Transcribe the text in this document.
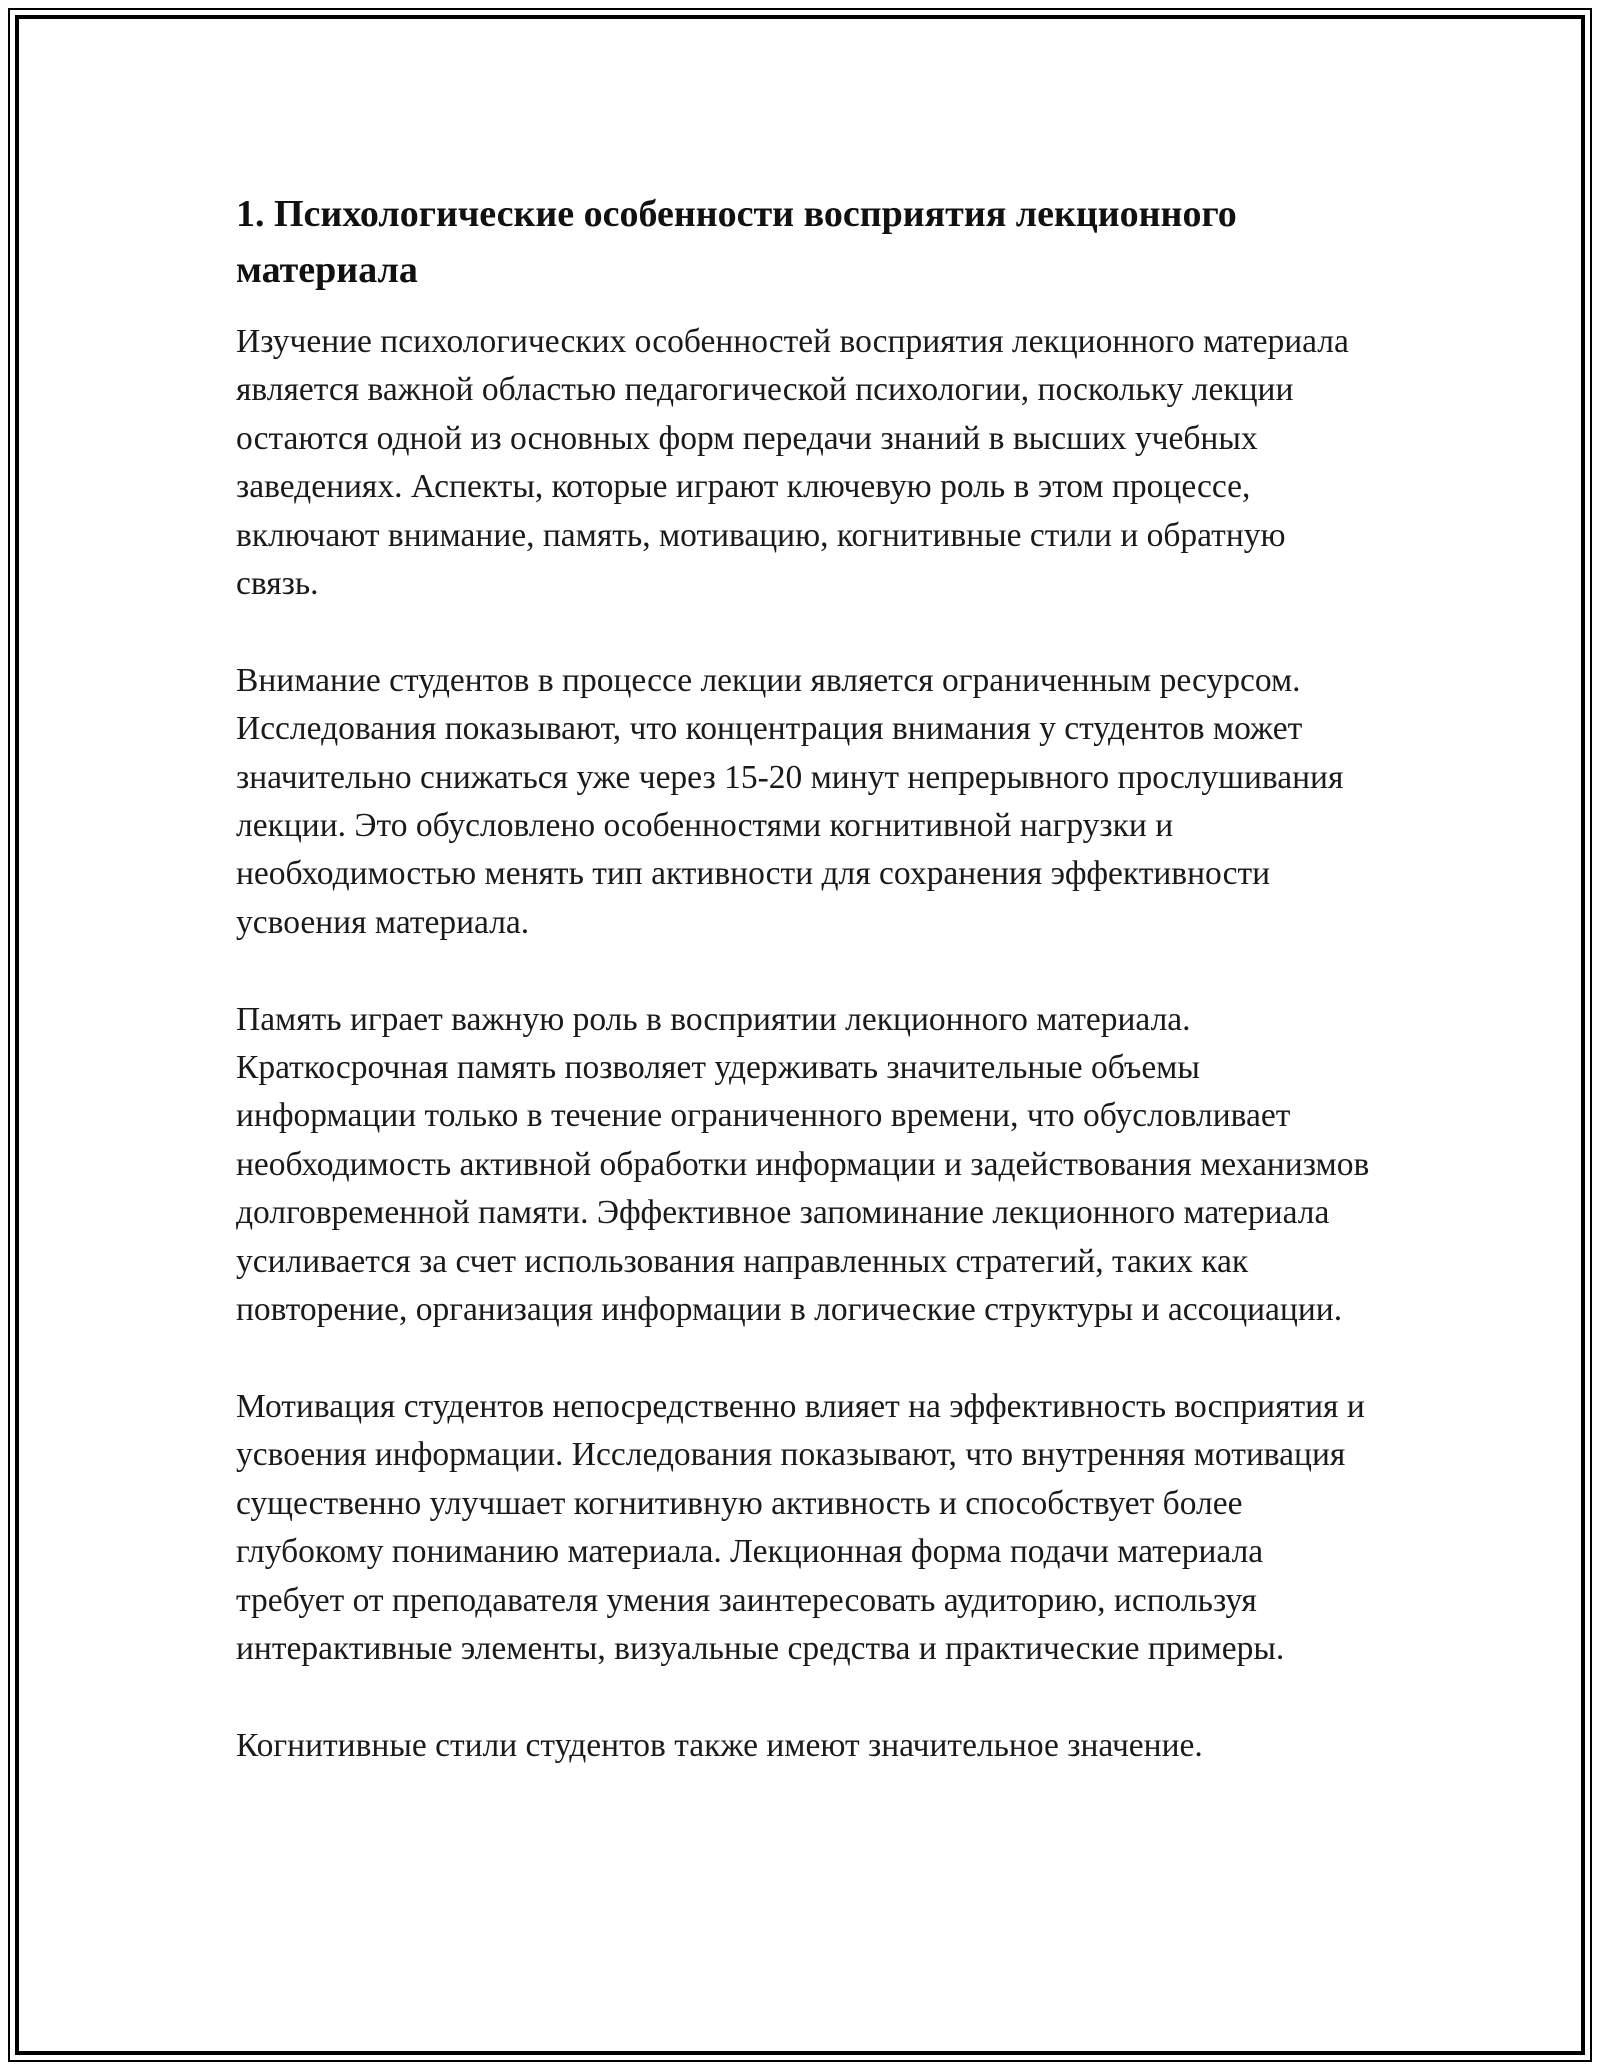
1. Психологические особенности восприятия лекционного материала

Изучение психологических особенностей восприятия лекционного материала является важной областью педагогической психологии, поскольку лекции остаются одной из основных форм передачи знаний в высших учебных заведениях. Аспекты, которые играют ключевую роль в этом процессе, включают внимание, память, мотивацию, когнитивные стили и обратную связь.

Внимание студентов в процессе лекции является ограниченным ресурсом. Исследования показывают, что концентрация внимания у студентов может значительно снижаться уже через 15-20 минут непрерывного прослушивания лекции. Это обусловлено особенностями когнитивной нагрузки и необходимостью менять тип активности для сохранения эффективности усвоения материала.

Память играет важную роль в восприятии лекционного материала. Краткосрочная память позволяет удерживать значительные объемы информации только в течение ограниченного времени, что обусловливает необходимость активной обработки информации и задействования механизмов долговременной памяти. Эффективное запоминание лекционного материала усиливается за счет использования направленных стратегий, таких как повторение, организация информации в логические структуры и ассоциации.

Мотивация студентов непосредственно влияет на эффективность восприятия и усвоения информации. Исследования показывают, что внутренняя мотивация существенно улучшает когнитивную активность и способствует более глубокому пониманию материала. Лекционная форма подачи материала требует от преподавателя умения заинтересовать аудиторию, используя интерактивные элементы, визуальные средства и практические примеры.

Когнитивные стили студентов также имеют значительное значение.
